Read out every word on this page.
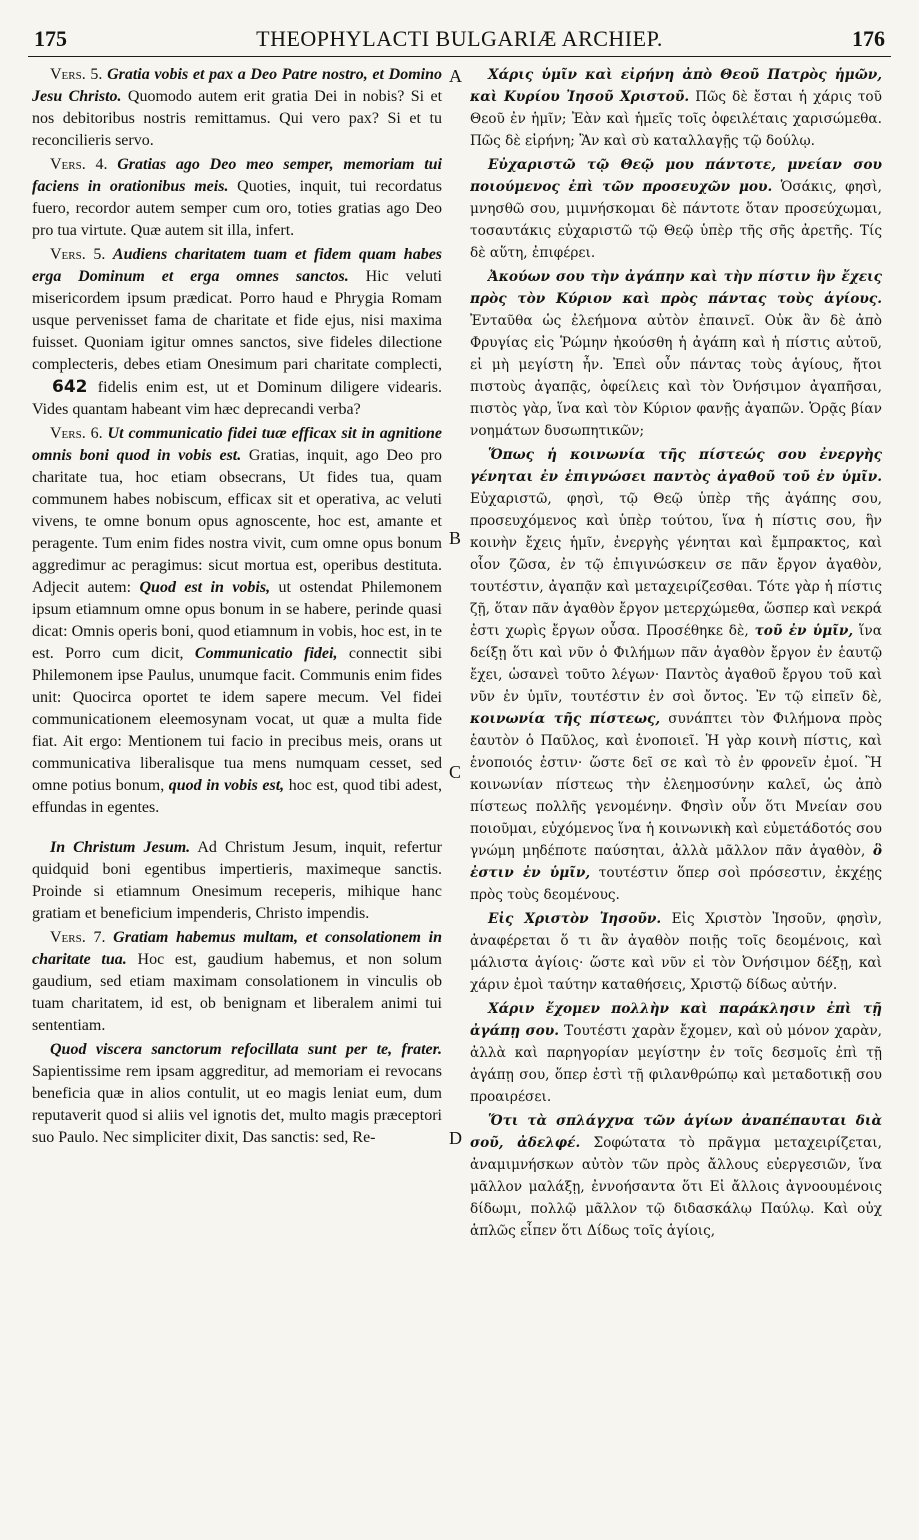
175	THEOPHYLACTI BULGARIÆ ARCHIEP.	176
A
B
C
D

Vers. 5. Gratia vobis et pax a Deo Patre nostro, et Domino Jesu Christo. Quomodo autem erit gratia Dei in nobis? Si et nos debitoribus nostris remittamus. Qui vero pax? Si et tu reconcilieris servo.

Vers. 4. Gratias ago Deo meo semper, memoriam tui faciens in orationibus meis. Quoties, inquit, tui recordatus fuero, recordor autem semper cum oro, toties gratias ago Deo pro tua virtute. Quæ autem sit illa, infert.

Vers. 5. Audiens charitatem tuam et fidem quam habes erga Dominum et erga omnes sanctos. Hic veluti misericordem ipsum prædicat. Porro haud e Phrygia Romam usque pervenisset fama de charitate et fide ejus, nisi maxima fuisset. Quoniam igitur omnes sanctos, sive fideles dilectione complecteris, debes etiam Onesimum pari charitate complecti, 642 fidelis enim est, ut et Dominum diligere videaris. Vides quantam habeant vim hæc deprecandi verba?

Vers. 6. Ut communicatio fidei tuæ efficax sit in agnitione omnis boni quod in vobis est. Gratias, inquit, ago Deo pro charitate tua, hoc etiam obsecrans, Ut fides tua, quam communem habes nobiscum, efficax sit et operativa, ac veluti vivens, te omne bonum opus agnoscente, hoc est, amante et peragente. Tum enim fides nostra vivit, cum omne opus bonum aggredimur ac peragimus: sicut mortua est, operibus destituta. Adjecit autem: Quod est in vobis, ut ostendat Philemonem ipsum etiamnum omne opus bonum in se habere, perinde quasi dicat: Omnis operis boni, quod etiamnum in vobis, hoc est, in te est. Porro cum dicit, Communicatio fidei, connectit sibi Philemonem ipse Paulus, unumque facit. Communis enim fides unit: Quocirca oportet te idem sapere mecum. Vel fidei communicationem eleemosynam vocat, ut quæ a multa fide fiat. Ait ergo: Mentionem tui facio in precibus meis, orans ut communicativa liberalisque tua mens numquam cesset, sed omne potius bonum, quod in vobis est, hoc est, quod tibi adest, effundas in egentes.

In Christum Jesum. Ad Christum Jesum, inquit, refertur quidquid boni egentibus impertieris, maximeque sanctis. Proinde si etiamnum Onesimum receperis, mihique hanc gratiam et beneficium impenderis, Christo impendis.

Vers. 7. Gratiam habemus multam, et consolationem in charitate tua. Hoc est, gaudium habemus, et non solum gaudium, sed etiam maximam consolationem in vinculis ob tuam charitatem, id est, ob benignam et liberalem animi tui sententiam.

Quod viscera sanctorum refocillata sunt per te, frater. Sapientissime rem ipsam aggreditur, ad memoriam ei revocans beneficia quæ in alios contulit, ut eo magis leniat eum, dum reputaverit quod si aliis vel ignotis det, multo magis præceptori suo Paulo. Nec simpliciter dixit, Das sanctis: sed, Re-

Χάρις ὑμῖν καὶ εἰρήνη ἀπὸ Θεοῦ Πατρὸς ἡμῶν, καὶ Κυρίου Ἰησοῦ Χριστοῦ. Πῶς δὲ ἔσται ἡ χάρις τοῦ Θεοῦ ἐν ἡμῖν; Ἐὰν καὶ ἡμεῖς τοῖς ὀφειλέταις χαρισώμεθα. Πῶς δὲ εἰρήνη; Ἂν καὶ σὺ καταλλαγῇς τῷ δούλῳ.

Εὐχαριστῶ τῷ Θεῷ μου πάντοτε, μνείαν σου ποιούμενος ἐπὶ τῶν προσευχῶν μου. Ὁσάκις, φησὶ, μνησθῶ σου, μιμνήσκομαι δὲ πάντοτε ὅταν προσεύχωμαι, τοσαυτάκις εὐχαριστῶ τῷ Θεῷ ὑπὲρ τῆς σῆς ἀρετῆς. Τίς δὲ αὕτη, ἐπιφέρει.

Ἀκούων σου τὴν ἀγάπην καὶ τὴν πίστιν ἣν ἔχεις πρὸς τὸν Κύριον καὶ πρὸς πάντας τοὺς ἁγίους. Ἐνταῦθα ὡς ἐλεήμονα αὐτὸν ἐπαινεῖ. Οὐκ ἂν δὲ ἀπὸ Φρυγίας εἰς Ῥώμην ἠκούσθη ἡ ἀγάπη καὶ ἡ πίστις αὐτοῦ, εἰ μὴ μεγίστη ἦν. Ἐπεὶ οὖν πάντας τοὺς ἁγίους, ἤτοι πιστοὺς ἀγαπᾷς, ὀφείλεις καὶ τὸν Ὀνήσιμον ἀγαπῆσαι, πιστὸς γὰρ, ἵνα καὶ τὸν Κύριον φανῇς ἀγαπῶν. Ὁρᾷς βίαν νοημάτων δυσωπητικῶν;

Ὅπως ἡ κοινωνία τῆς πίστεώς σου ἐνεργὴς γένηται ἐν ἐπιγνώσει παντὸς ἀγαθοῦ τοῦ ἐν ὑμῖν. Εὐχαριστῶ, φησὶ, τῷ Θεῷ ὑπὲρ τῆς ἀγάπης σου, προσευχόμενος καὶ ὑπὲρ τούτου, ἵνα ἡ πίστις σου, ἣν κοινὴν ἔχεις ἡμῖν, ἐνεργὴς γένηται καὶ ἔμπρακτος, καὶ οἷον ζῶσα, ἐν τῷ ἐπιγινώσκειν σε πᾶν ἔργον ἀγαθὸν, τουτέστιν, ἀγαπᾷν καὶ μεταχειρίζεσθαι. Τότε γὰρ ἡ πίστις ζῇ, ὅταν πᾶν ἀγαθὸν ἔργον μετερχώμεθα, ὥσπερ καὶ νεκρά ἐστι χωρὶς ἔργων οὖσα. Προσέθηκε δὲ, τοῦ ἐν ὑμῖν, ἵνα δείξῃ ὅτι καὶ νῦν ὁ Φιλήμων πᾶν ἀγαθὸν ἔργον ἐν ἑαυτῷ ἔχει, ὡσανεὶ τοῦτο λέγων· Παντὸς ἀγαθοῦ ἔργου τοῦ καὶ νῦν ἐν ὑμῖν, τουτέστιν ἐν σοὶ ὄντος. Ἐν τῷ εἰπεῖν δὲ, κοινωνία τῆς πίστεως, συνάπτει τὸν Φιλήμονα πρὸς ἑαυτὸν ὁ Παῦλος, καὶ ἑνοποιεῖ. Ἡ γὰρ κοινὴ πίστις, καὶ ἑνοποιός ἐστιν· ὥστε δεῖ σε καὶ τὸ ἐν φρονεῖν ἐμοί. Ἢ κοινωνίαν πίστεως τὴν ἐλεημοσύνην καλεῖ, ὡς ἀπὸ πίστεως πολλῆς γενομένην. Φησὶν οὖν ὅτι Μνείαν σου ποιοῦμαι, εὐχόμενος ἵνα ἡ κοινωνικὴ καὶ εὐμετάδοτός σου γνώμη μηδέποτε παύσηται, ἀλλὰ μᾶλλον πᾶν ἀγαθὸν, ὃ ἐστιν ἐν ὑμῖν, τουτέστιν ὅπερ σοὶ πρόσεστιν, ἐκχέῃς πρὸς τοὺς δεομένους.

Εἰς Χριστὸν Ἰησοῦν. Εἰς Χριστὸν Ἰησοῦν, φησὶν, ἀναφέρεται ὅ τι ἂν ἀγαθὸν ποιῇς τοῖς δεομένοις, καὶ μάλιστα ἁγίοις· ὥστε καὶ νῦν εἰ τὸν Ὀνήσιμον δέξῃ, καὶ χάριν ἐμοὶ ταύτην καταθήσεις, Χριστῷ δίδως αὐτήν.

Χάριν ἔχομεν πολλὴν καὶ παράκλησιν ἐπὶ τῇ ἀγάπῃ σου. Τουτέστι χαρὰν ἔχομεν, καὶ οὐ μόνον χαρὰν, ἀλλὰ καὶ παρηγορίαν μεγίστην ἐν τοῖς δεσμοῖς ἐπὶ τῇ ἀγάπῃ σου, ὅπερ ἐστὶ τῇ φιλανθρώπῳ καὶ μεταδοτικῇ σου προαιρέσει.

Ὅτι τὰ σπλάγχνα τῶν ἁγίων ἀναπέπαυται διὰ σοῦ, ἀδελφέ. Σοφώτατα τὸ πρᾶγμα μεταχειρίζεται, ἀναμιμνήσκων αὐτὸν τῶν πρὸς ἄλλους εὐεργεσιῶν, ἵνα μᾶλλον μαλάξῃ, ἐννοήσαντα ὅτι Εἰ ἄλλοις ἀγνοουμένοις δίδωμι, πολλῷ μᾶλλον τῷ διδασκάλῳ Παύλῳ. Καὶ οὐχ ἁπλῶς εἶπεν ὅτι Δίδως τοῖς ἁγίοις,
